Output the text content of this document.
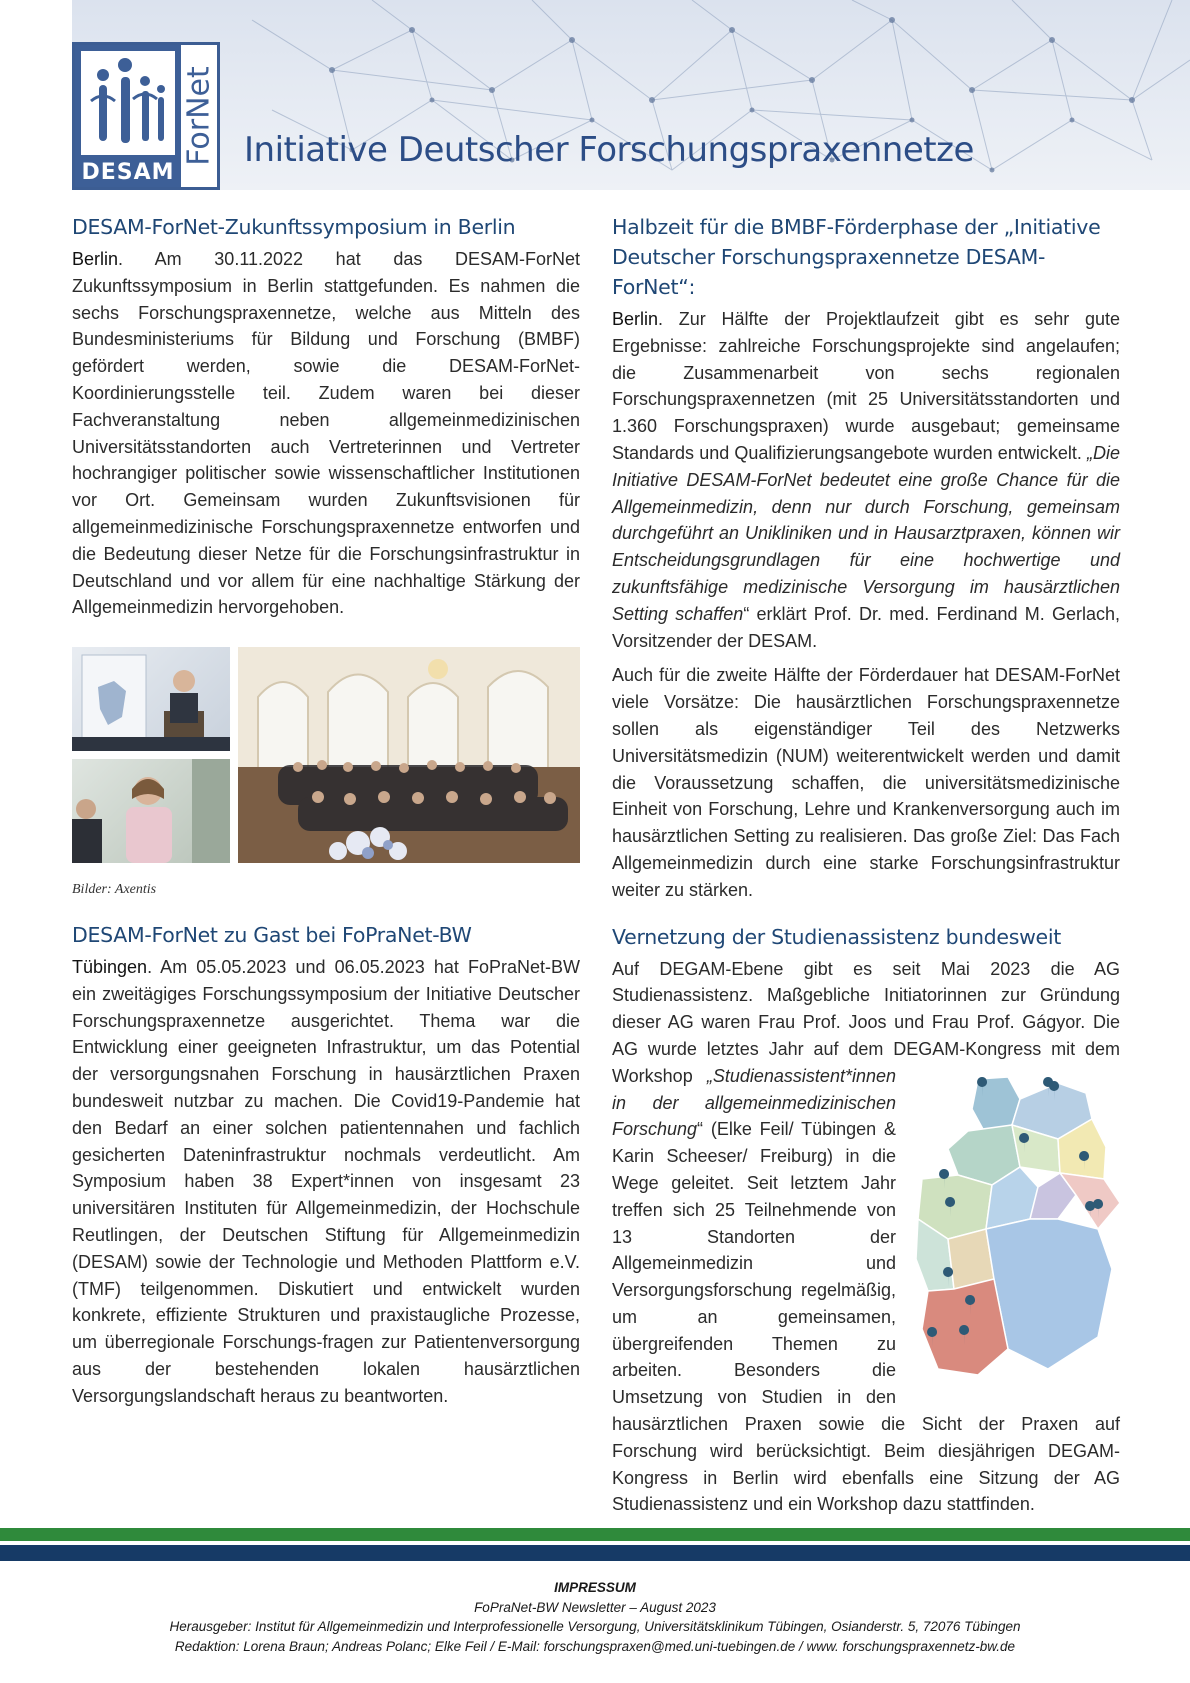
DESAM
ForNet Initiative Deutscher Forschungspraxennetze
DESAM-ForNet-Zukunftssymposium in Berlin

Berlin. Am 30.11.2022 hat das DESAM-ForNet Zukunftssymposium in Berlin stattgefunden. Es nahmen die sechs Forschungspraxennetze, welche aus Mitteln des Bundesministeriums für Bildung und Forschung (BMBF) gefördert werden, sowie die DESAM-ForNet-Koordinierungsstelle teil. Zudem waren bei dieser Fachveranstaltung neben allgemeinmedizinischen Universitätsstandorten auch Vertreterinnen und Vertreter hochrangiger politischer sowie wissenschaftlicher Institutionen vor Ort. Gemeinsam wurden Zukunftsvisionen für allgemeinmedizinische Forschungspraxennetze entworfen und die Bedeutung dieser Netze für die Forschungsinfrastruktur in Deutschland und vor allem für eine nachhaltige Stärkung der Allgemeinmedizin hervorgehoben.

Bilder: Axentis
DESAM-ForNet zu Gast bei FoPraNet-BW

Tübingen. Am 05.05.2023 und 06.05.2023 hat FoPraNet-BW ein zweitägiges Forschungssymposium der Initiative Deutscher Forschungspraxennetze ausgerichtet. Thema war die Entwicklung einer geeigneten Infrastruktur, um das Potential der versorgungsnahen Forschung in hausärztlichen Praxen bundesweit nutzbar zu machen. Die Covid19-Pandemie hat den Bedarf an einer solchen patientennahen und fachlich gesicherten Dateninfrastruktur nochmals verdeutlicht. Am Symposium haben 38 Expert*innen von insgesamt 23 universitären Instituten für Allgemeinmedizin, der Hochschule Reutlingen, der Deutschen Stiftung für Allgemeinmedizin (DESAM) sowie der Technologie und Methoden Plattform e.V. (TMF) teilgenommen. Diskutiert und entwickelt wurden konkrete, effiziente Strukturen und praxistaugliche Prozesse, um überregionale Forschungs-fragen zur Patientenversorgung aus der bestehenden lokalen hausärztlichen Versorgungslandschaft heraus zu beantworten.

Halbzeit für die BMBF-Förderphase der „Initiative Deutscher Forschungspraxennetze DESAM-ForNet“:

Berlin. Zur Hälfte der Projektlaufzeit gibt es sehr gute Ergebnisse: zahlreiche Forschungsprojekte sind angelaufen; die Zusammenarbeit von sechs regionalen Forschungspraxennetzen (mit 25 Universitätsstandorten und 1.360 Forschungspraxen) wurde ausgebaut; gemeinsame Standards und Qualifizierungsangebote wurden entwickelt. „Die Initiative DESAM-ForNet bedeutet eine große Chance für die Allgemeinmedizin, denn nur durch Forschung, gemeinsam durchgeführt an Unikliniken und in Hausarztpraxen, können wir Entscheidungsgrundlagen für eine hochwertige und zukunftsfähige medizinische Versorgung im hausärztlichen Setting schaffen“ erklärt Prof. Dr. med. Ferdinand M. Gerlach, Vorsitzender der DESAM.

Auch für die zweite Hälfte der Förderdauer hat DESAM-ForNet viele Vorsätze: Die hausärztlichen Forschungspraxennetze sollen als eigenständiger Teil des Netzwerks Universitätsmedizin (NUM) weiterentwickelt werden und damit die Voraussetzung schaffen, die universitätsmedizinische Einheit von Forschung, Lehre und Krankenversorgung auch im hausärztlichen Setting zu realisieren. Das große Ziel: Das Fach Allgemeinmedizin durch eine starke Forschungsinfrastruktur weiter zu stärken.

Vernetzung der Studienassistenz bundesweit

Auf DEGAM-Ebene gibt es seit Mai 2023 die AG Studienassistenz. Maßgebliche Initiatorinnen zur Gründung dieser AG waren Frau Prof. Joos und Frau Prof. Gágyor. Die AG wurde letztes Jahr auf dem DEGAM-Kongress mit dem Workshop
„Studienassistent*innen in der allgemeinmedizinischen Forschung“ (Elke Feil/ Tübingen & Karin Scheeser/ Freiburg) in die Wege geleitet. Seit letztem Jahr treffen sich 25 Teilnehmende von 13 Standorten der Allgemeinmedizin und Versorgungsforschung regelmäßig, um an gemeinsamen, übergreifenden Themen zu arbeiten. Besonders die Umsetzung von Studien in den hausärztlichen Praxen sowie die Sicht der Praxen auf Forschung wird berücksichtigt. Beim diesjährigen DEGAM-Kongress in Berlin wird ebenfalls eine Sitzung der AG Studienassistenz und ein Workshop dazu stattfinden.

IMPRESSUM
FoPraNet-BW Newsletter – August 2023
Herausgeber: Institut für Allgemeinmedizin und Interprofessionelle Versorgung, Universitätsklinikum Tübingen, Osianderstr. 5, 72076 Tübingen
Redaktion: Lorena Braun; Andreas Polanc; Elke Feil / E-Mail: forschungspraxen@med.uni-tuebingen.de / www. forschungspraxennetz-bw.de
